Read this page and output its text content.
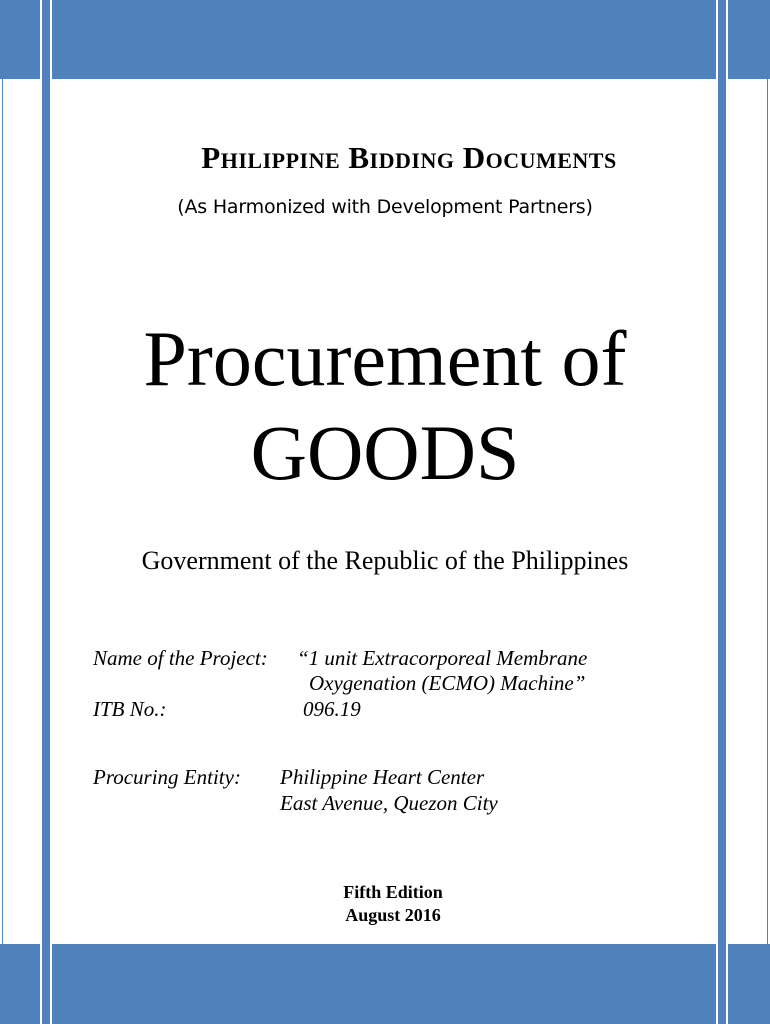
Philippine Bidding Documents
(As Harmonized with Development Partners)
Procurement of
GOODS
Government of the Republic of the Philippines
Name of the Project: “1 unit Extracorporeal Membrane
Oxygenation (ECMO) Machine”
ITB No.:	096.19
Procuring Entity: Philippine Heart Center
East Avenue, Quezon City
Fifth Edition
August 2016
